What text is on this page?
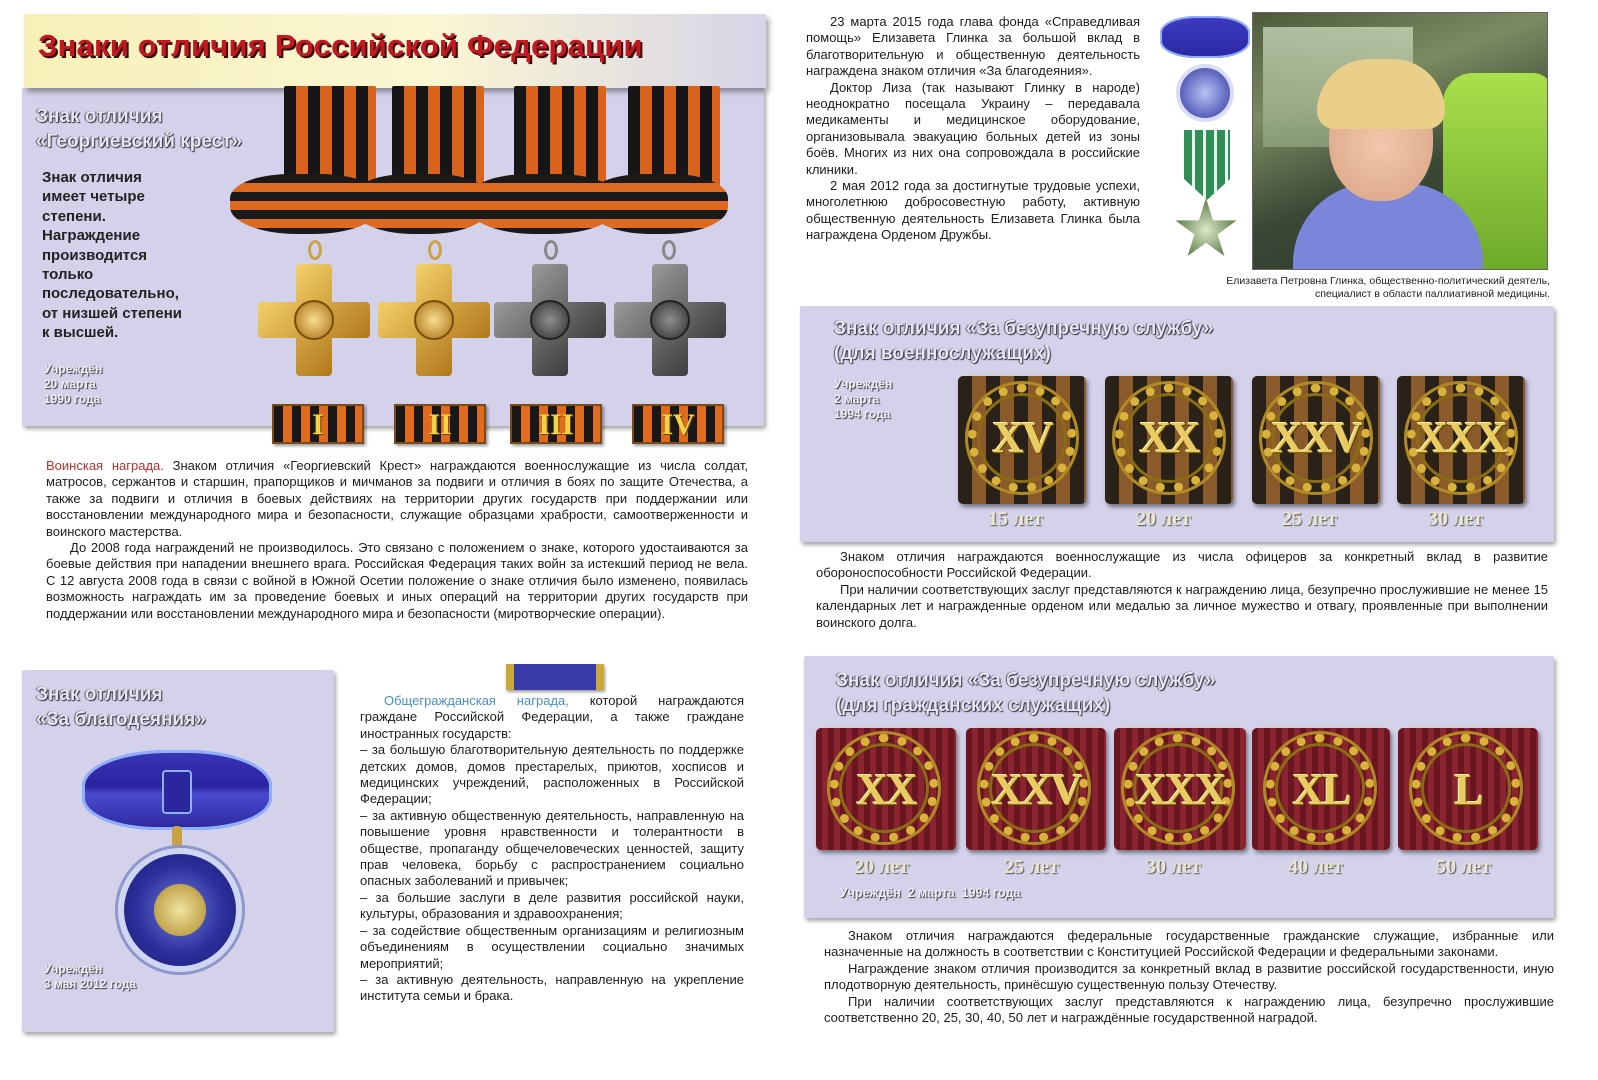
Знаки отличия Российской Федерации
Знак отличия
«Георгиевский крест»
Знак отличия
имеет четыре
степени.
Награждение
производится
только
последовательно,
от низшей степени
к высшей.
Учреждён
20 марта
1990 года
I	II	III	IV

Воинская награда. Знаком отличия «Георгиевский Крест» награждаются военнослужащие из числа солдат, матросов, сержантов и старшин, прапорщиков и мичманов за подвиги и отличия в боях по защите Отечества, а также за подвиги и отличия в боевых действиях на территории других государств при поддержании или восстановлении международного мира и безопасности, служащие образцами храбрости, самоотверженности и воинского мастерства.

До 2008 года награждений не производилось. Это связано с положением о знаке, которого удостаиваются за боевые действия при нападении внешнего врага. Российская Федерация таких войн за истекший период не вела. С 12 августа 2008 года в связи с войной в Южной Осетии положение о знаке отличия было изменено, появилась возможность награждать им за проведение боевых и иных операций на территории других государств при поддержании или восстановлении международного мира и безопасности (миротворческие операции).

Знак отличия
«За благодеяния»
Учреждён
3 мая 2012 года

Общегражданская награда, которой награждаются граждане Российской Федерации, а также граждане иностранных государств:

– за большую благотворительную деятельность по поддержке детских домов, домов престарелых, приютов, хосписов и медицинских учреждений, расположенных в Российской Федерации;

– за активную общественную деятельность, направленную на повышение уровня нравственности и толерантности в обществе, пропаганду общечеловеческих ценностей, защиту прав человека, борьбу с распространением социально опасных заболеваний и привычек;

– за большие заслуги в деле развития российской науки, культуры, образования и здравоохранения;

– за содействие общественным организациям и религиозным объединениям в осуществлении социально значимых мероприятий;

– за активную деятельность, направленную на укрепление института семьи и брака.

23 марта 2015 года глава фонда «Справедливая помощь» Елизавета Глинка за большой вклад в благотворительную и общественную деятельность награждена знаком отличия «За благодеяния».

Доктор Лиза (так называют Глинку в народе) неоднократно посещала Украину – передавала медикаменты и медицинское оборудование, организовывала эвакуацию больных детей из зоны боёв. Многих из них она сопровождала в российские клиники.

2 мая 2012 года за достигнутые трудовые успехи, многолетнюю добросовестную работу, активную общественную деятельность Елизавета Глинка была награждена Орденом Дружбы.

Елизавета Петровна Глинка, общественно-политический деятель,
специалист в области паллиативной медицины.
Знак отличия «За безупречную службу»
(для военнослужащих)
Учреждён
2 марта
1994 года	XV	XX	XXV	XXX
15 лет	20 лет	25 лет	30 лет

Знаком отличия награждаются военнослужащие из числа офицеров за конкретный вклад в развитие обороноспособности Российской Федерации.

При наличии соответствующих заслуг представляются к награждению лица, безупречно прослужившие не менее 15 календарных лет и награжденные орденом или медалью за личное мужество и отвагу, проявленные при выполнении воинского долга.

Знак отличия «За безупречную службу»
(для гражданских служащих)
XX	XXV	XXX	XL	L
20 лет	25 лет	30 лет	40 лет	50 лет
Учреждён  2 марта  1994 года

Знаком отличия награждаются федеральные государственные гражданские служащие, избранные или назначенные на должность в соответствии с Конституцией Российской Федерации и федеральными законами.

Награждение знаком отличия производится за конкретный вклад в развитие российской государственности, иную плодотворную деятельность, принёсшую существенную пользу Отечеству.

При наличии соответствующих заслуг представляются к награждению лица, безупречно прослужившие соответственно 20, 25, 30, 40, 50 лет и награждённые государственной наградой.
